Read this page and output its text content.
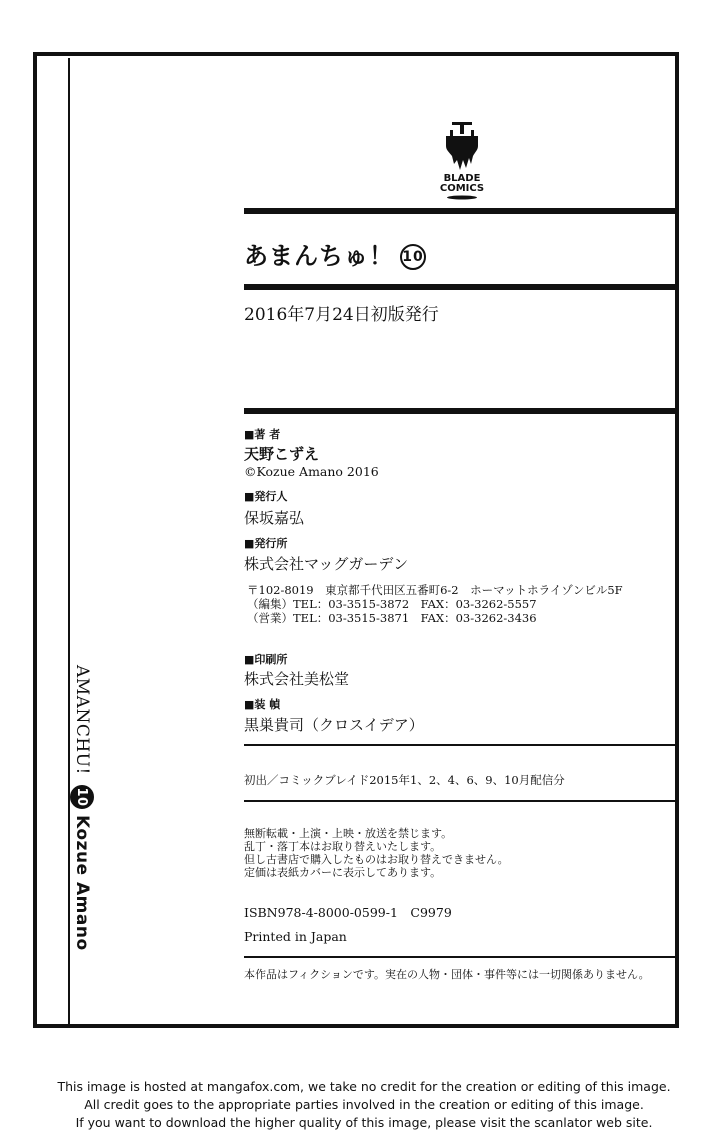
AMANCHU!
10
Kozue Amano
BLADE
COMICS
あまんちゅ！ 10
2016年7月24日初版発行
■著 者
天野こずえ
©Kozue Amano 2016
■発行人
保坂嘉弘
■発行所
株式会社マッグガーデン
〒102-8019　東京都千代田区五番町6-2　ホーマットホライゾンビル5F
（編集）TEL：03-3515-3872　FAX：03-3262-5557
（営業）TEL：03-3515-3871　FAX：03-3262-3436
■印刷所
株式会社美松堂
■装 幀
黒巣貴司（クロスイデア）
初出／コミックブレイド2015年1、2、4、6、9、10月配信分
無断転載・上演・上映・放送を禁じます。
乱丁・落丁本はお取り替えいたします。
但し古書店で購入したものはお取り替えできません。
定価は表紙カバーに表示してあります。
ISBN978-4-8000-0599-1　C9979
Printed in Japan
本作品はフィクションです。実在の人物・団体・事件等には一切関係ありません。
This image is hosted at mangafox.com, we take no credit for the creation or editing of this image.
All credit goes to the appropriate parties involved in the creation or editing of this image.
If you want to download the higher quality of this image, please visit the scanlator web site.
